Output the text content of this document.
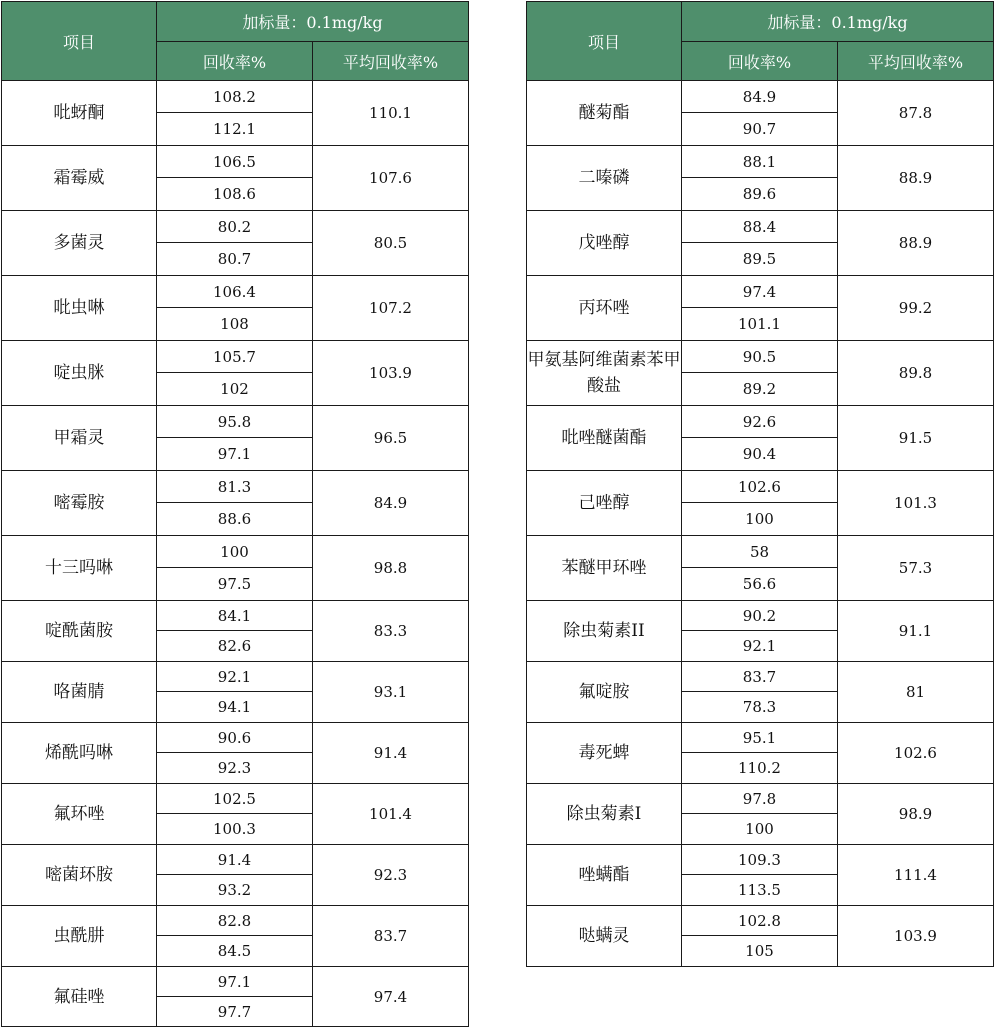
项目	加标量：0.1mg/kg	
	回收率%	平均回收率%
吡蚜酮	108.2	110.1
	112.1	
霜霉威	106.5	107.6
	108.6	
多菌灵	80.2	80.5
	80.7	
吡虫啉	106.4	107.2
	108	
啶虫脒	105.7	103.9
	102	
甲霜灵	95.8	96.5
	97.1	
嘧霉胺	81.3	84.9
	88.6	
十三吗啉	100	98.8
	97.5	
啶酰菌胺	84.1	83.3
	82.6	
咯菌腈	92.1	93.1
	94.1	
烯酰吗啉	90.6	91.4
	92.3	
氟环唑	102.5	101.4
	100.3	
嘧菌环胺	91.4	92.3
	93.2	
虫酰肼	82.8	83.7
	84.5	
氟硅唑	97.1	97.4
	97.7	
项目	加标量：0.1mg/kg	
	回收率%	平均回收率%
醚菊酯	84.9	87.8
	90.7	
二嗪磷	88.1	88.9
	89.6	
戊唑醇	88.4	88.9
	89.5	
丙环唑	97.4	99.2
	101.1	
甲氨基阿维菌素苯甲酸盐	90.5	89.8
	89.2	
吡唑醚菌酯	92.6	91.5
	90.4	
己唑醇	102.6	101.3
	100	
苯醚甲环唑	58	57.3
	56.6	
除虫菊素II	90.2	91.1
	92.1	
氟啶胺	83.7	81
	78.3	
毒死蜱	95.1	102.6
	110.2	
除虫菊素I	97.8	98.9
	100	
唑螨酯	109.3	111.4
	113.5	
哒螨灵	102.8	103.9
	105	
